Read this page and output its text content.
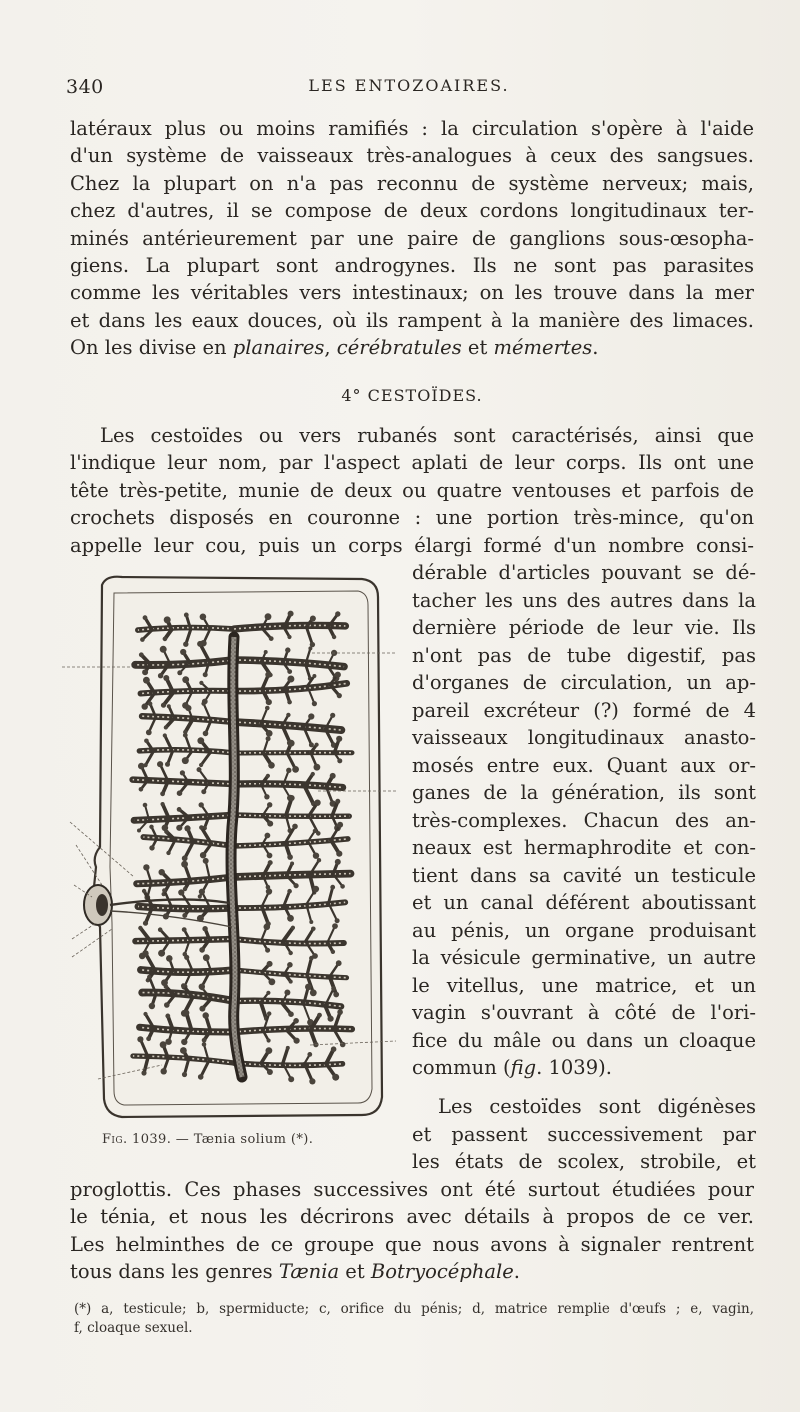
340	LES ENTOZOAIRES.
latéraux plus ou moins ramifiés : la circulation s'opère à l'aide
d'un système de vaisseaux très-analogues à ceux des sangsues.
Chez la plupart on n'a pas reconnu de système nerveux; mais,
chez d'autres, il se compose de deux cordons longitudinaux ter-
minés antérieurement par une paire de ganglions sous-œsopha-
giens. La plupart sont androgynes. Ils ne sont pas parasites
comme les véritables vers intestinaux; on les trouve dans la mer
et dans les eaux douces, où ils rampent à la manière des limaces.
On les divise en planaires, cérébratules et mémertes.
4° CESTOÏDES.
Les cestoïdes ou vers rubanés sont caractérisés, ainsi que
l'indique leur nom, par l'aspect aplati de leur corps. Ils ont une
tête très-petite, munie de deux ou quatre ventouses et parfois de
crochets disposés en couronne : une portion très-mince, qu'on
appelle leur cou, puis un corps élargi formé d'un nombre consi-
dérable d'articles pouvant se dé-
tacher les uns des autres dans la
dernière période de leur vie. Ils
n'ont pas de tube digestif, pas
d'organes de circulation, un ap-
pareil excréteur (?) formé de 4
vaisseaux longitudinaux anasto-
mosés entre eux. Quant aux or-
ganes de la génération, ils sont
très-complexes. Chacun des an-
neaux est hermaphrodite et con-
tient dans sa cavité un testicule
et un canal déférent aboutissant
au pénis, un organe produisant
la vésicule germinative, un autre
le vitellus, une matrice, et un
vagin s'ouvrant à côté de l'ori-
fice du mâle ou dans un cloaque
commun (fig. 1039).
Les cestoïdes sont digénèses
et passent successivement par
les états de scolex, strobile, et
proglottis. Ces phases successives ont été surtout étudiées pour
le ténia, et nous les décrirons avec détails à propos de ce ver.
Les helminthes de ce groupe que nous avons à signaler rentrent
tous dans les genres Tænia et Botryocéphale.
Fig. 1039. — Tænia solium (*).
(*) a, testicule; b, spermiducte; c, orifice du pénis; d, matrice remplie d'œufs ; e, vagin,
f, cloaque sexuel.
